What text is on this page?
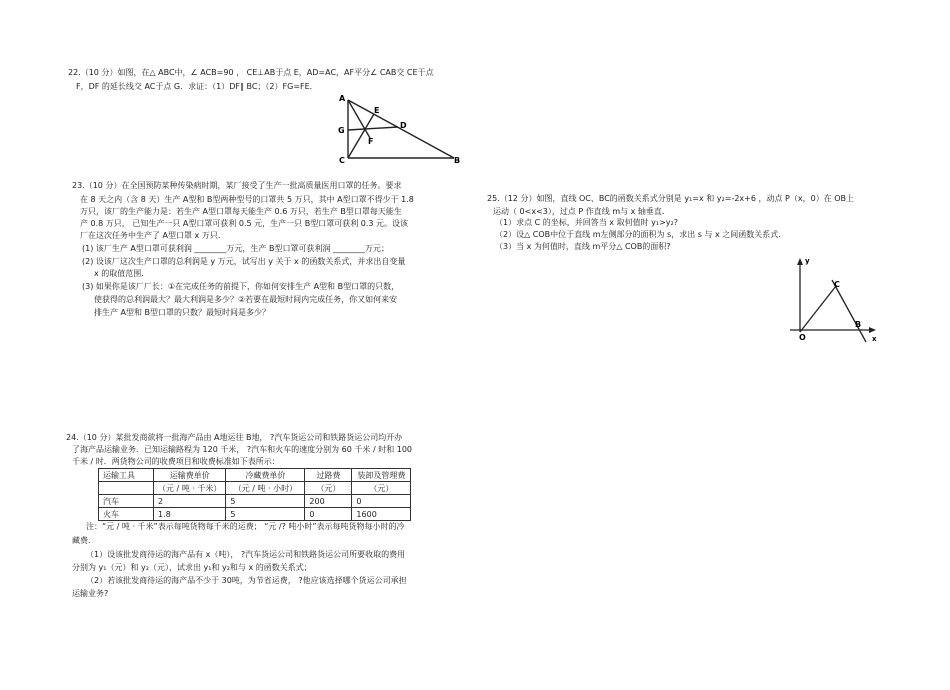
22.（10 分）如图，在△ ABC中，∠ ACB=90 ， CE⊥AB于点 E，AD=AC，AF平分∠ CAB交 CE于点
F，DF 的延长线交 AC于点 G．求证：（1）DF∥ BC；（2）FG=FE．
A
E
D
G
F
C	B
23.（10 分）在全国预防某种传染病时期，某厂接受了生产一批高质量医用口罩的任务。要求
在 8 天之内（含 8 天）生产 A型和 B型两种型号的口罩共 5 万只，其中 A型口罩不得少于 1.8
万只，该厂的生产能力是：若生产 A型口罩每天能生产 0.6 万只，若生产 B型口罩每天能生
产 0.8 万只， 已知生产一只 A型口罩可获利 0.5 元，生产一只 B型口罩可获利 0.3 元。设该
厂在这次任务中生产了 A型口罩 x 万只．
(1) 该厂生产 A型口罩可获利润 ________万元，生产 B型口罩可获利润 ________万元；
(2) 设该厂这次生产口罩的总利润是 y 万元，试写出 y 关于 x 的函数关系式，并求出自变量
x 的取值范围．
(3) 如果你是该厂厂长：①在完成任务的前提下，你如何安排生产 A型和 B型口罩的只数，
使获得的总利润最大？最大利润是多少？②若要在最短时间内完成任务，你又如何来安
排生产 A型和 B型口罩的只数？最短时间是多少？
24.（10 分）某批发商欲将一批海产品由 A地运往 B地， ?汽车货运公司和铁路货运公司均开办
了海产品运输业务．已知运输路程为 120 千米， ?汽车和火车的速度分别为 60 千米 / 时和 100
千米 / 时．两货物公司的收费项目和收费标准如下表所示：
运输工具	运输费单价	冷藏费单价	过路费	装卸及管理费
	（元 / 吨 · 千米）	（元 / 吨 · 小时）	（元）	（元）
汽车	2	5	200	0
火车	1.8	5	0	1600
注：“元 / 吨 · 千米”表示每吨货物每千米的运费； “元 /? 吨小时”表示每吨货物每小时的冷
藏费．
（1）设该批发商待运的海产品有 x（吨）， ?汽车货运公司和铁路货运公司所要收取的费用
分别为 y₁（元）和 y₂（元），试求出 y₁和 y₂和与 x 的函数关系式；
（2）若该批发商待运的海产品不少于 30吨，为节省运费， ?他应该选择哪个货运公司承担
运输业务?
25.（12 分）如图，直线 OC、BC的函数关系式分别是 y₁=x 和 y₂=-2x+6 ，动点 P（x，0）在 OB上
运动（ 0<x<3），过点 P 作直线 m与 x 轴垂直．
（1）求点 C 的坐标，并回答当 x 取何值时 y₁>y₂?
（2）设△ COB中位于直线 m左侧部分的面积为 s，求出 s 与 x 之间函数关系式．
（3）当 x 为何值时，直线 m平分△ COB的面积?
y
C
O
B
x
